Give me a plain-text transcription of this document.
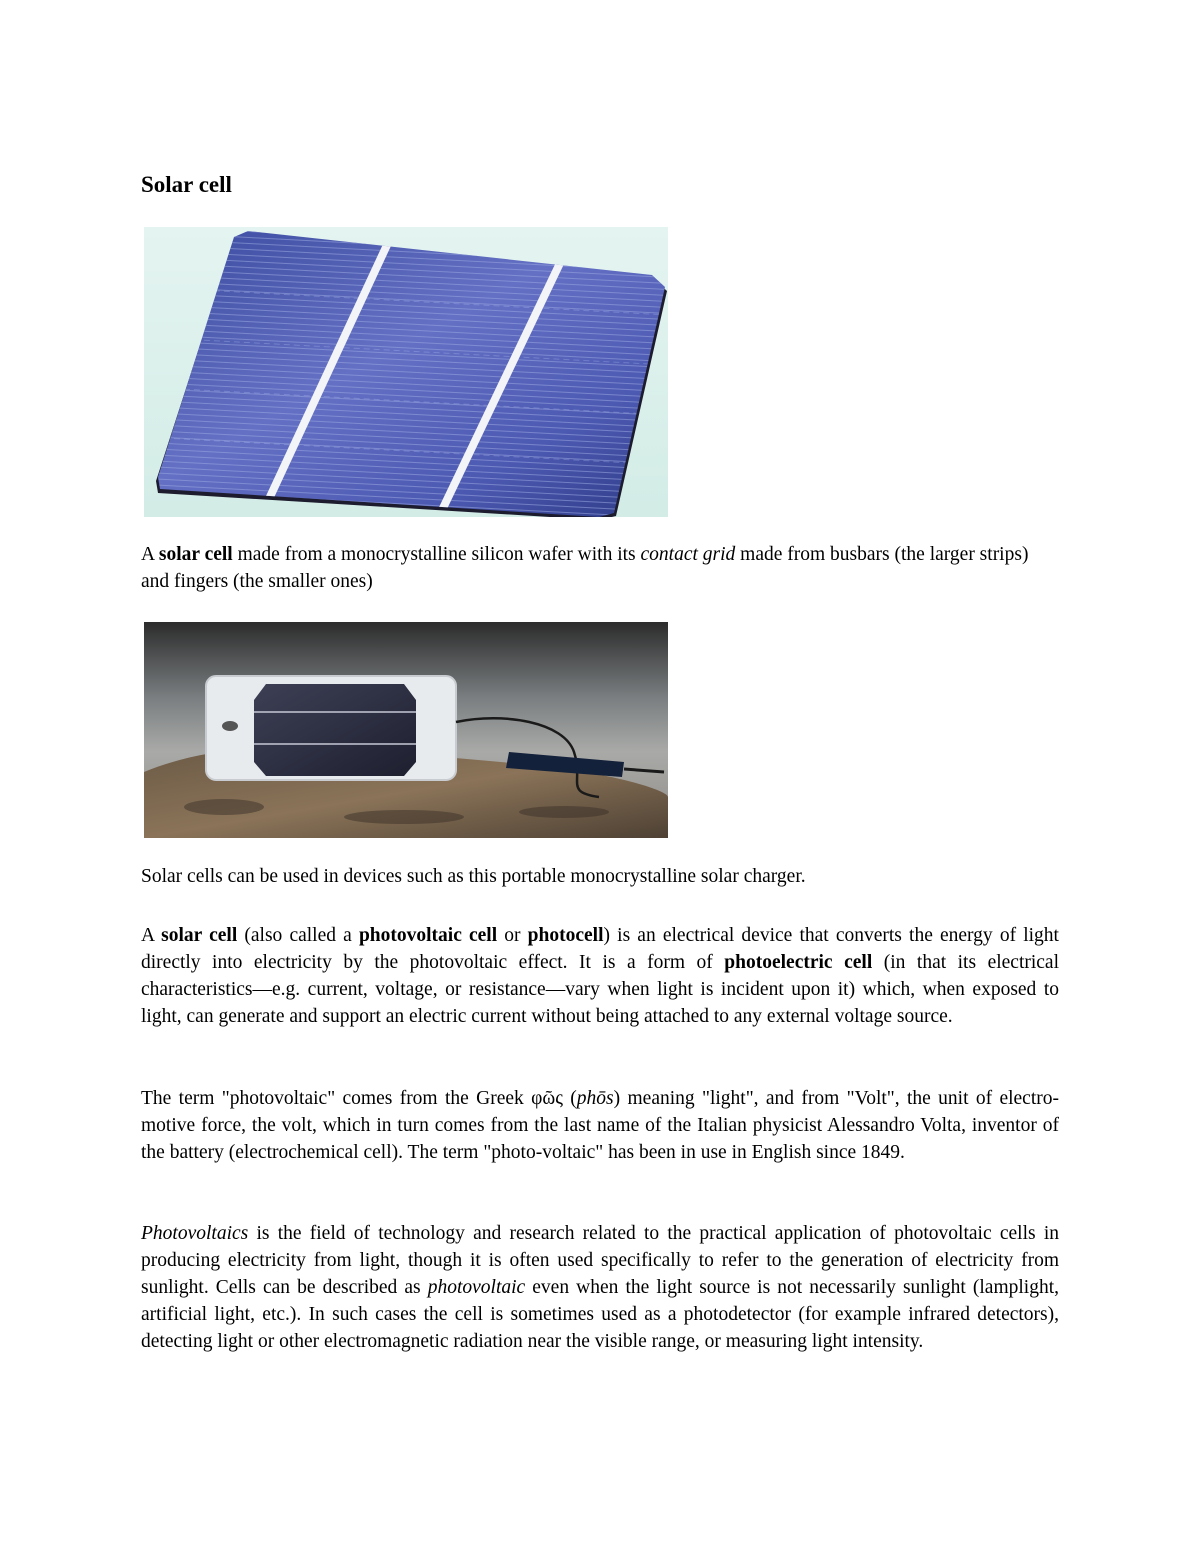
Solar cell

A solar cell made from a monocrystalline silicon wafer with its contact grid made from busbars (the larger strips) and fingers (the smaller ones)

Solar cells can be used in devices such as this portable monocrystalline solar charger.

A solar cell (also called a photovoltaic cell or photocell) is an electrical device that converts the energy of light directly into electricity by the photovoltaic effect. It is a form of photoelectric cell (in that its electrical characteristics—e.g. current, voltage, or resistance—vary when light is incident upon it) which, when exposed to light, can generate and support an electric current without being attached to any external voltage source.

The term "photovoltaic" comes from the Greek φῶς (phōs) meaning "light", and from "Volt", the unit of electro-motive force, the volt, which in turn comes from the last name of the Italian physicist Alessandro Volta, inventor of the battery (electrochemical cell). The term "photo-voltaic" has been in use in English since 1849.

Photovoltaics is the field of technology and research related to the practical application of photovoltaic cells in producing electricity from light, though it is often used specifically to refer to the generation of electricity from sunlight. Cells can be described as photovoltaic even when the light source is not necessarily sunlight (lamplight, artificial light, etc.). In such cases the cell is sometimes used as a photodetector (for example infrared detectors), detecting light or other electromagnetic radiation near the visible range, or measuring light intensity.
